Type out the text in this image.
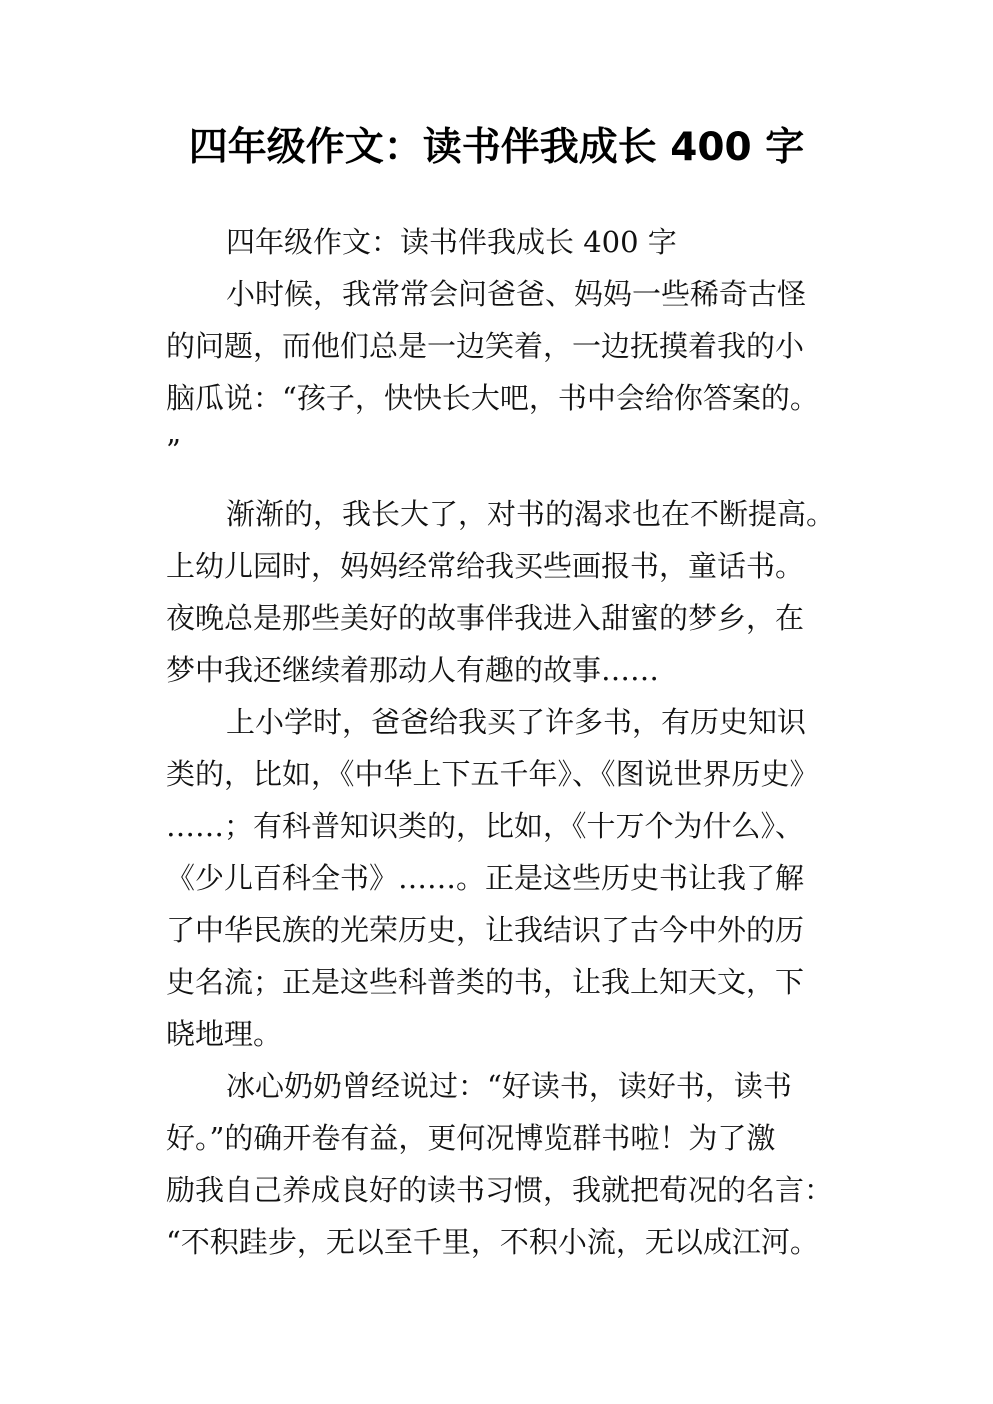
四年级作文：读书伴我成长 400 字
四年级作文：读书伴我成长 400 字
小时候，我常常会问爸爸、妈妈一些稀奇古怪
的问题，而他们总是一边笑着，一边抚摸着我的小
脑瓜说：“孩子，快快长大吧，书中会给你答案的。
”
渐渐的，我长大了，对书的渴求也在不断提高。
上幼儿园时，妈妈经常给我买些画报书，童话书。
夜晚总是那些美好的故事伴我进入甜蜜的梦乡，在
梦中我还继续着那动人有趣的故事……
上小学时，爸爸给我买了许多书，有历史知识
类的，比如，《中华上下五千年》、《图说世界历史》
……；有科普知识类的，比如，《十万个为什么》、
《少儿百科全书》……。正是这些历史书让我了解
了中华民族的光荣历史，让我结识了古今中外的历
史名流；正是这些科普类的书，让我上知天文，下
晓地理。
冰心奶奶曾经说过：“好读书，读好书，读书
好。”的确开卷有益，更何况博览群书啦！为了激
励我自己养成良好的读书习惯，我就把荀况的名言：
“不积跬步，无以至千里，不积小流，无以成江河。
